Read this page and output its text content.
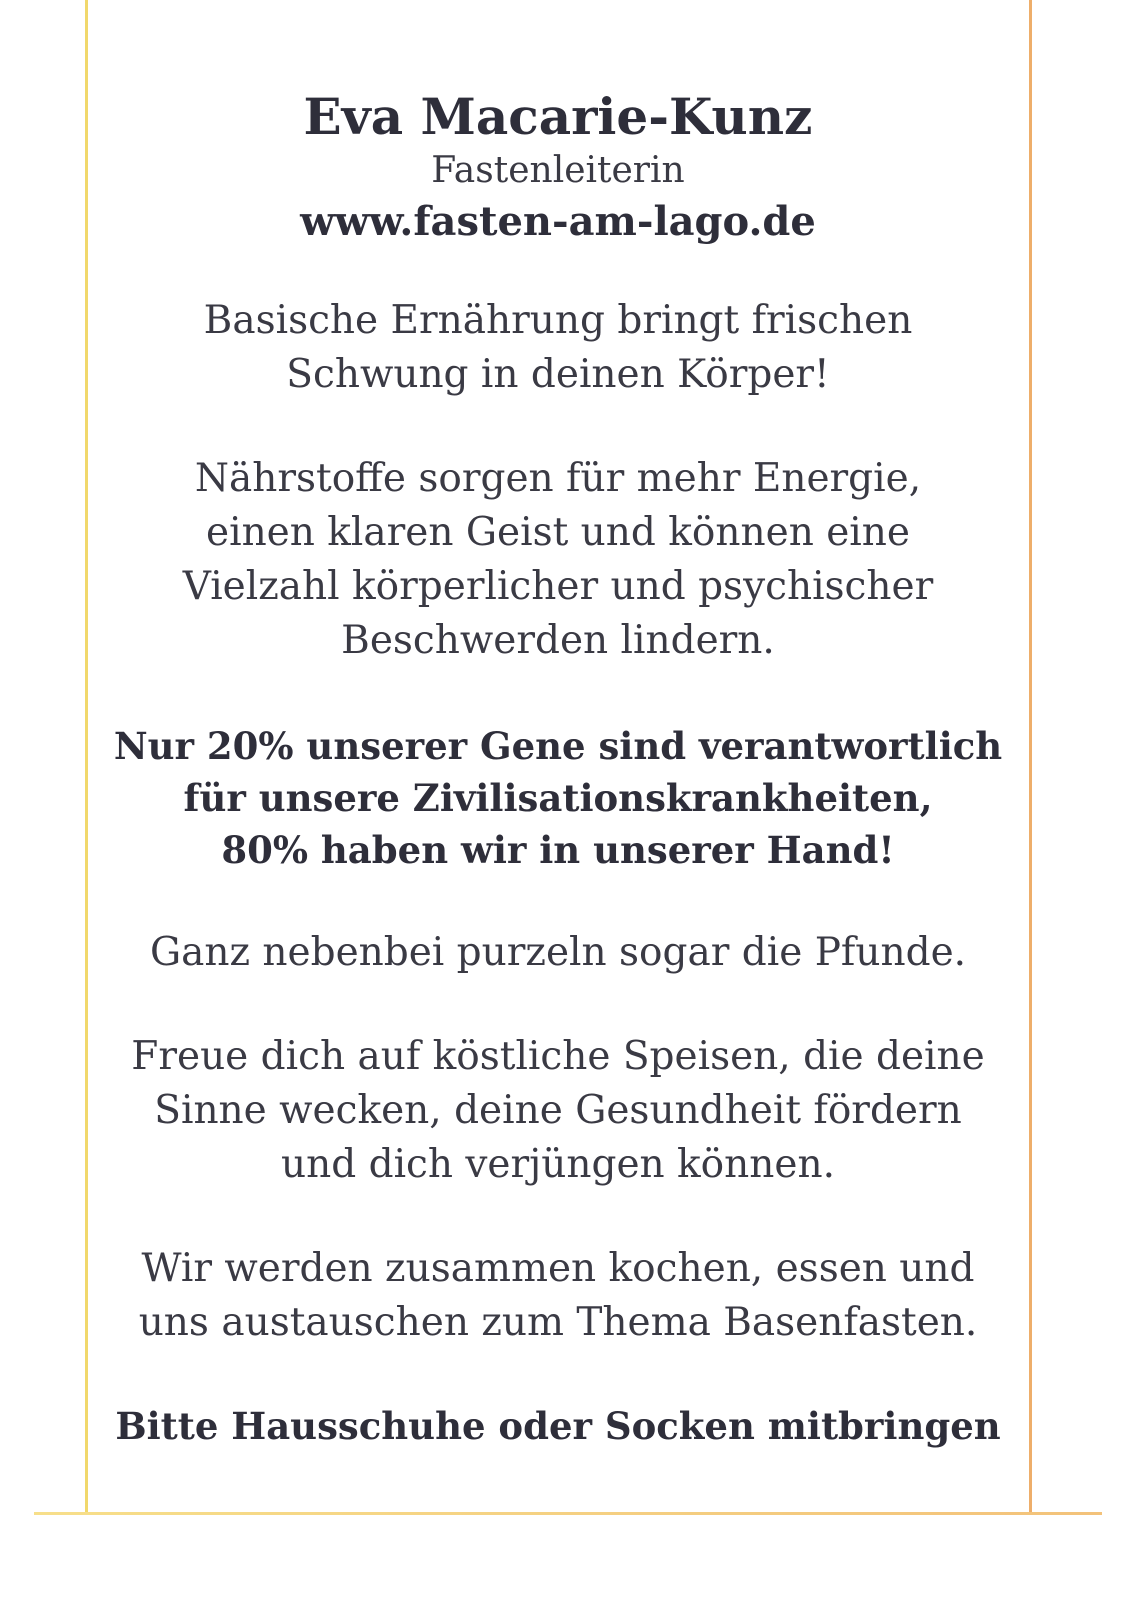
Eva Macarie-Kunz

Fastenleiterin

www.fasten-am-lago.de

Basische Ernährung bringt frischen
Schwung in deinen Körper!

Nährstoffe sorgen für mehr Energie,
einen klaren Geist und können eine
Vielzahl körperlicher und psychischer
Beschwerden lindern.

Nur 20% unserer Gene sind verantwortlich
für unsere Zivilisationskrankheiten,
80% haben wir in unserer Hand!

Ganz nebenbei purzeln sogar die Pfunde.

Freue dich auf köstliche Speisen, die deine
Sinne wecken, deine Gesundheit fördern
und dich verjüngen können.

Wir werden zusammen kochen, essen und
uns austauschen zum Thema Basenfasten.

Bitte Hausschuhe oder Socken mitbringen
